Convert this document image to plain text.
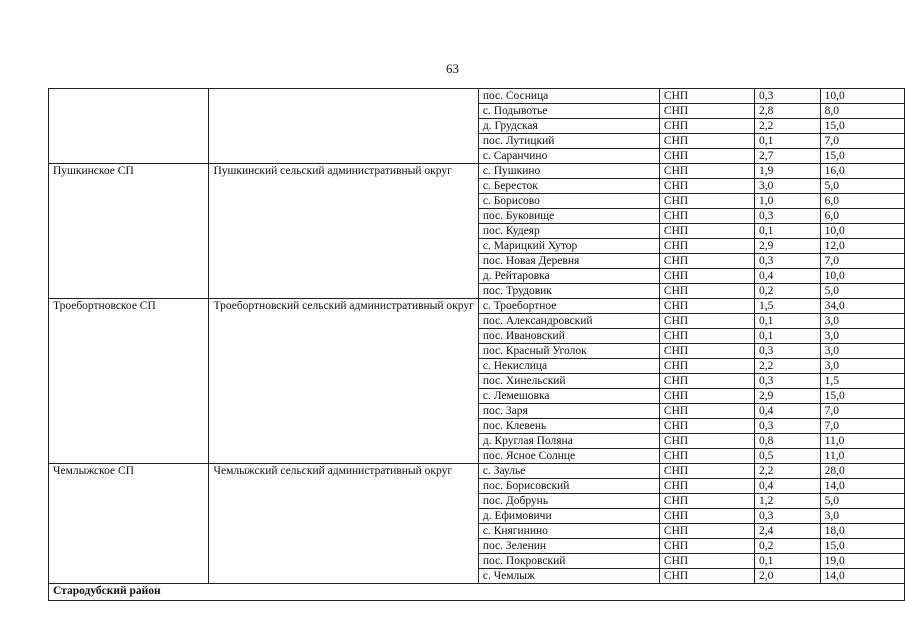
63
		пос. Сосница	СНП	0,3	10,0
		с. Подывотье	СНП	2,8	8,0
		д. Грудская	СНП	2,2	15,0
		пос. Лутицкий	СНП	0,1	7,0
		с. Саранчино	СНП	2,7	15,0
Пушкинское СП	Пушкинский сельский административный округ	с. Пушкино	СНП	1,9	16,0
		с. Бересток	СНП	3,0	5,0
		с. Борисово	СНП	1,0	6,0
		пос. Буковище	СНП	0,3	6,0
		пос. Кудеяр	СНП	0,1	10,0
		с. Марицкий Хутор	СНП	2,9	12,0
		пос. Новая Деревня	СНП	0,3	7,0
		д. Рейтаровка	СНП	0,4	10,0
		пос. Трудовик	СНП	0,2	5,0
Троебортновское СП	Троебортновский сельский административный округ	с. Троебортное	СНП	1,5	34,0
		пос. Александровский	СНП	0,1	3,0
		пос. Ивановский	СНП	0,1	3,0
		пос. Красный Уголок	СНП	0,3	3,0
		с. Некислица	СНП	2,2	3,0
		пос. Хинельский	СНП	0,3	1,5
		с. Лемешовка	СНП	2,9	15,0
		пос. Заря	СНП	0,4	7,0
		пос. Клевень	СНП	0,3	7,0
		д. Круглая Поляна	СНП	0,8	11,0
		пос. Ясное Солнце	СНП	0,5	11,0
Чемлыжское СП	Чемлыжский сельский административный округ	с. Заулье	СНП	2,2	28,0
		пос. Борисовский	СНП	0,4	14,0
		пос. Добрунь	СНП	1,2	5,0
		д. Ефимовичи	СНП	0,3	3,0
		с. Княгинино	СНП	2,4	18,0
		пос. Зеленин	СНП	0,2	15,0
		пос. Покровский	СНП	0,1	19,0
		с. Чемлыж	СНП	2,0	14,0
Стародубский район					
